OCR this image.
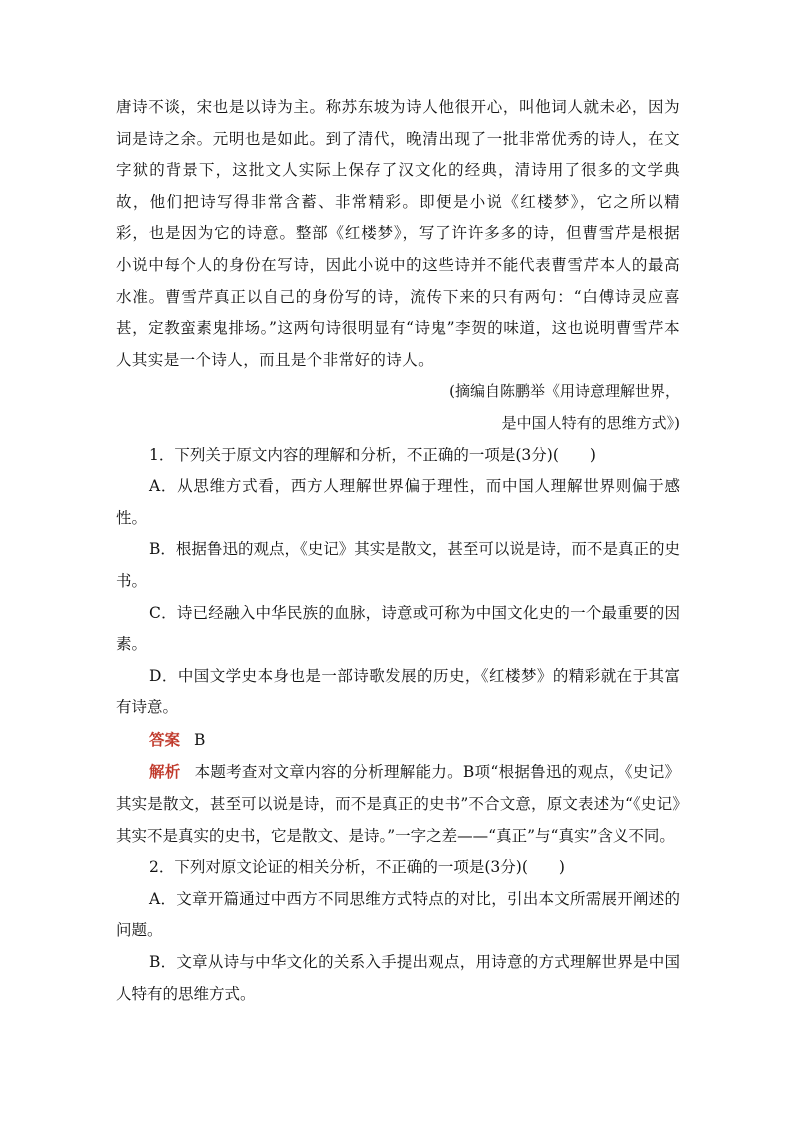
唐诗不谈，宋也是以诗为主。称苏东坡为诗人他很开心，叫他词人就未必，因为词是诗之余。元明也是如此。到了清代，晚清出现了一批非常优秀的诗人，在文字狱的背景下，这批文人实际上保存了汉文化的经典，清诗用了很多的文学典故，他们把诗写得非常含蓄、非常精彩。即便是小说《红楼梦》，它之所以精彩，也是因为它的诗意。整部《红楼梦》，写了许许多多的诗，但曹雪芹是根据小说中每个人的身份在写诗，因此小说中的这些诗并不能代表曹雪芹本人的最高水准。曹雪芹真正以自己的身份写的诗，流传下来的只有两句：“白傅诗灵应喜甚，定教蛮素鬼排场。”这两句诗很明显有“诗鬼”李贺的味道，这也说明曹雪芹本人其实是一个诗人，而且是个非常好的诗人。

(摘编自陈鹏举《用诗意理解世界，
是中国人特有的思维方式》)

1．下列关于原文内容的理解和分析，不正确的一项是(3分)(　　)

A．从思维方式看，西方人理解世界偏于理性，而中国人理解世界则偏于感性。

B．根据鲁迅的观点，《史记》其实是散文，甚至可以说是诗，而不是真正的史书。

C．诗已经融入中华民族的血脉，诗意或可称为中国文化史的一个最重要的因素。

D．中国文学史本身也是一部诗歌发展的历史，《红楼梦》的精彩就在于其富有诗意。

答案 B

解析 本题考查对文章内容的分析理解能力。B项“根据鲁迅的观点，《史记》其实是散文，甚至可以说是诗，而不是真正的史书”不合文意，原文表述为“《史记》其实不是真实的史书，它是散文、是诗。”一字之差——“真正”与“真实”含义不同。

2．下列对原文论证的相关分析，不正确的一项是(3分)(　　)

A．文章开篇通过中西方不同思维方式特点的对比，引出本文所需展开阐述的问题。

B．文章从诗与中华文化的关系入手提出观点，用诗意的方式理解世界是中国人特有的思维方式。
